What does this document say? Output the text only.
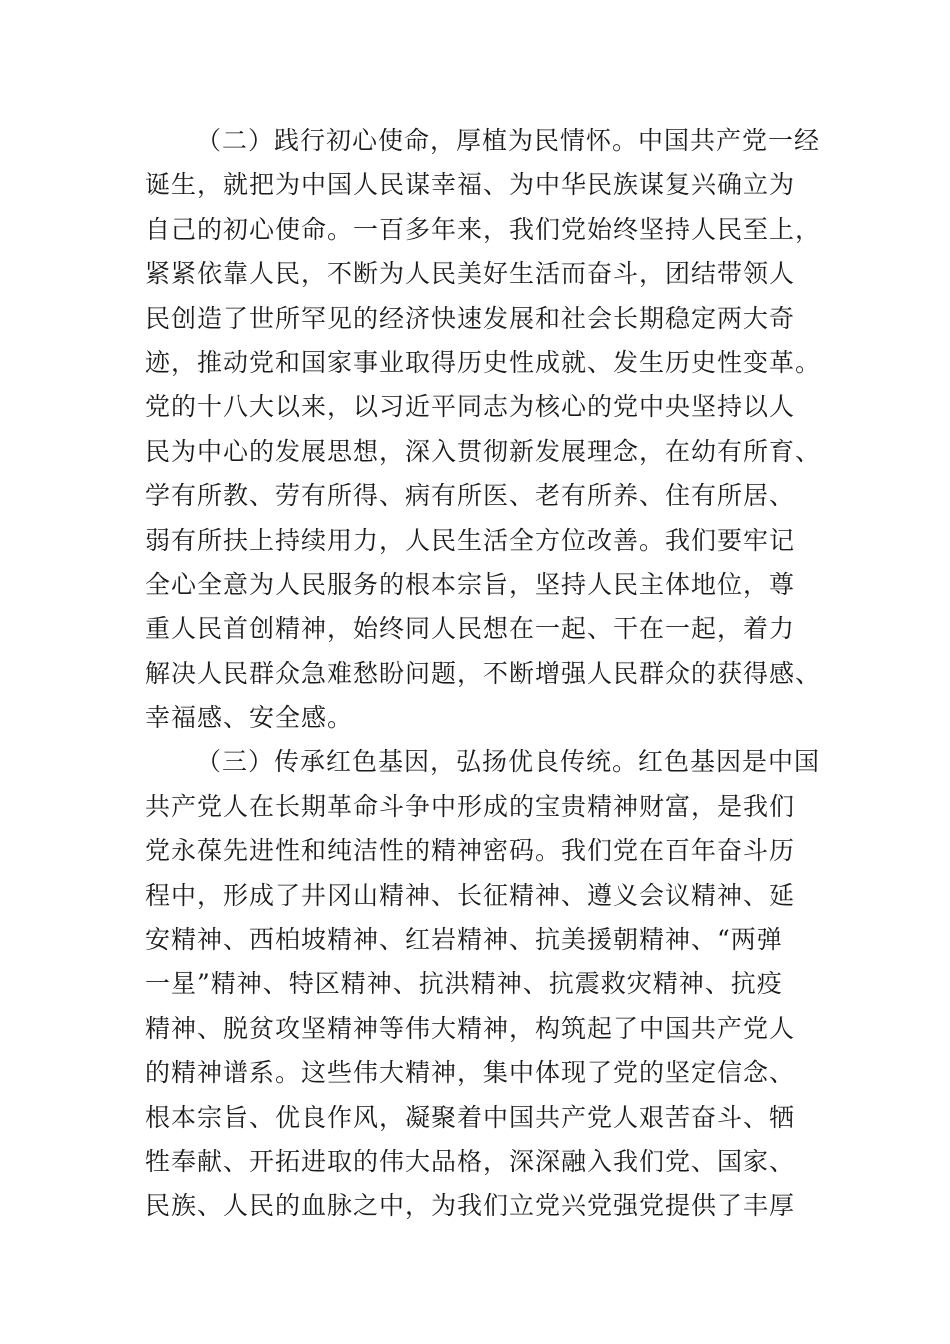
（二）践行初心使命，厚植为民情怀。中国共产党一经
诞生，就把为中国人民谋幸福、为中华民族谋复兴确立为
自己的初心使命。一百多年来，我们党始终坚持人民至上，
紧紧依靠人民，不断为人民美好生活而奋斗，团结带领人
民创造了世所罕见的经济快速发展和社会长期稳定两大奇
迹，推动党和国家事业取得历史性成就、发生历史性变革。
党的十八大以来，以习近平同志为核心的党中央坚持以人
民为中心的发展思想，深入贯彻新发展理念，在幼有所育、
学有所教、劳有所得、病有所医、老有所养、住有所居、
弱有所扶上持续用力，人民生活全方位改善。我们要牢记
全心全意为人民服务的根本宗旨，坚持人民主体地位，尊
重人民首创精神，始终同人民想在一起、干在一起，着力
解决人民群众急难愁盼问题，不断增强人民群众的获得感、
幸福感、安全感。
（三）传承红色基因，弘扬优良传统。红色基因是中国
共产党人在长期革命斗争中形成的宝贵精神财富，是我们
党永葆先进性和纯洁性的精神密码。我们党在百年奋斗历
程中，形成了井冈山精神、长征精神、遵义会议精神、延
安精神、西柏坡精神、红岩精神、抗美援朝精神、“两弹
一星”精神、特区精神、抗洪精神、抗震救灾精神、抗疫
精神、脱贫攻坚精神等伟大精神，构筑起了中国共产党人
的精神谱系。这些伟大精神，集中体现了党的坚定信念、
根本宗旨、优良作风，凝聚着中国共产党人艰苦奋斗、牺
牲奉献、开拓进取的伟大品格，深深融入我们党、国家、
民族、人民的血脉之中，为我们立党兴党强党提供了丰厚
